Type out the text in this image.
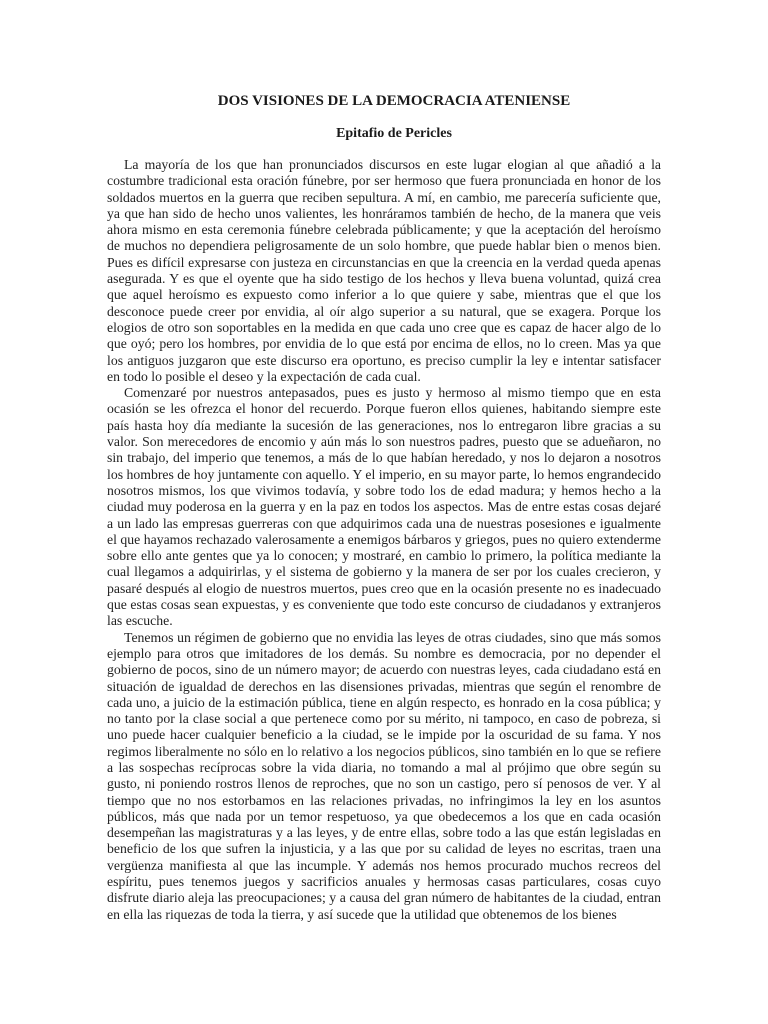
DOS VISIONES DE LA DEMOCRACIA ATENIENSE
Epitafio de Pericles

La mayoría de los que han pronunciados discursos en este lugar elogian al que añadió a la costumbre tradicional esta oración fúnebre, por ser hermoso que fuera pronunciada en honor de los soldados muertos en la guerra que reciben sepultura. A mí, en cambio, me parecería suficiente que, ya que han sido de hecho unos valientes, les honráramos también de hecho, de la manera que veis ahora mismo en esta ceremonia fúnebre celebrada públicamente; y que la aceptación del heroísmo de muchos no dependiera peligrosamente de un solo hombre, que puede hablar bien o menos bien. Pues es difícil expresarse con justeza en circunstancias en que la creencia en la verdad queda apenas asegurada. Y es que el oyente que ha sido testigo de los hechos y lleva buena voluntad, quizá crea que aquel heroísmo es expuesto como inferior a lo que quiere y sabe, mientras que el que los desconoce puede creer por envidia, al oír algo superior a su natural, que se exagera. Porque los elogios de otro son soportables en la medida en que cada uno cree que es capaz de hacer algo de lo que oyó; pero los hombres, por envidia de lo que está por encima de ellos, no lo creen. Mas ya que los antiguos juzgaron que este discurso era oportuno, es preciso cumplir la ley e intentar satisfacer en todo lo posible el deseo y la expectación de cada cual.

Comenzaré por nuestros antepasados, pues es justo y hermoso al mismo tiempo que en esta ocasión se les ofrezca el honor del recuerdo. Porque fueron ellos quienes, habitando siempre este país hasta hoy día mediante la sucesión de las generaciones, nos lo entregaron libre gracias a su valor. Son merecedores de encomio y aún más lo son nuestros padres, puesto que se adueñaron, no sin trabajo, del imperio que tenemos, a más de lo que habían heredado, y nos lo dejaron a nosotros los hombres de hoy juntamente con aquello. Y el imperio, en su mayor parte, lo hemos engrandecido nosotros mismos, los que vivimos todavía, y sobre todo los de edad madura; y hemos hecho a la ciudad muy poderosa en la guerra y en la paz en todos los aspectos. Mas de entre estas cosas dejaré a un lado las empresas guerreras con que adquirimos cada una de nuestras posesiones e igualmente el que hayamos rechazado valerosamente a enemigos bárbaros y griegos, pues no quiero extenderme sobre ello ante gentes que ya lo conocen; y mostraré, en cambio lo primero, la política mediante la cual llegamos a adquirirlas, y el sistema de gobierno y la manera de ser por los cuales crecieron, y pasaré después al elogio de nuestros muertos, pues creo que en la ocasión presente no es inadecuado que estas cosas sean expuestas, y es conveniente que todo este concurso de ciudadanos y extranjeros las escuche.

Tenemos un régimen de gobierno que no envidia las leyes de otras ciudades, sino que más somos ejemplo para otros que imitadores de los demás. Su nombre es democracia, por no depender el gobierno de pocos, sino de un número mayor; de acuerdo con nuestras leyes, cada ciudadano está en situación de igualdad de derechos en las disensiones privadas, mientras que según el renombre de cada uno, a juicio de la estimación pública, tiene en algún respecto, es honrado en la cosa pública; y no tanto por la clase social a que pertenece como por su mérito, ni tampoco, en caso de pobreza, si uno puede hacer cualquier beneficio a la ciudad, se le impide por la oscuridad de su fama. Y nos regimos liberalmente no sólo en lo relativo a los negocios públicos, sino también en lo que se refiere a las sospechas recíprocas sobre la vida diaria, no tomando a mal al prójimo que obre según su gusto, ni poniendo rostros llenos de reproches, que no son un castigo, pero sí penosos de ver. Y al tiempo que no nos estorbamos en las relaciones privadas, no infringimos la ley en los asuntos públicos, más que nada por un temor respetuoso, ya que obedecemos a los que en cada ocasión desempeñan las magistraturas y a las leyes, y de entre ellas, sobre todo a las que están legisladas en beneficio de los que sufren la injusticia, y a las que por su calidad de leyes no escritas, traen una vergüenza manifiesta al que las incumple. Y además nos hemos procurado muchos recreos del espíritu, pues tenemos juegos y sacrificios anuales y hermosas casas particulares, cosas cuyo disfrute diario aleja las preocupaciones; y a causa del gran número de habitantes de la ciudad, entran en ella las riquezas de toda la tierra, y así sucede que la utilidad que obtenemos de los bienes
